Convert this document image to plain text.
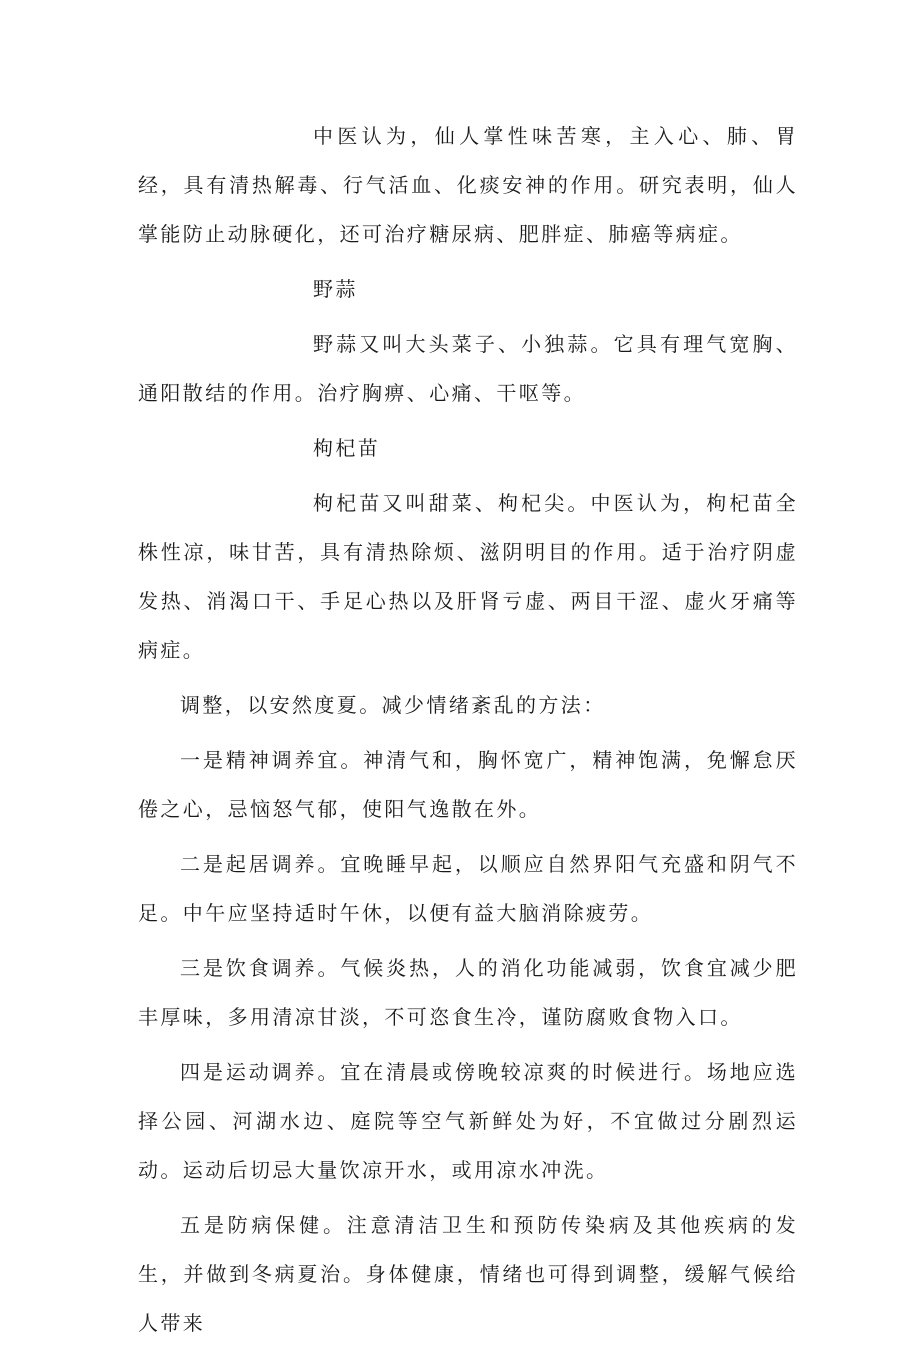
中医认为，仙人掌性味苦寒，主入心、肺、胃经，具有清热解毒、行气活血、化痰安神的作用。研究表明，仙人掌能防止动脉硬化，还可治疗糖尿病、肥胖症、肺癌等病症。

野蒜

野蒜又叫大头菜子、小独蒜。它具有理气宽胸、通阳散结的作用。治疗胸痹、心痛、干呕等。

枸杞苗

枸杞苗又叫甜菜、枸杞尖。中医认为，枸杞苗全株性凉，味甘苦，具有清热除烦、滋阴明目的作用。适于治疗阴虚发热、消渴口干、手足心热以及肝肾亏虚、两目干涩、虚火牙痛等病症。

调整，以安然度夏。减少情绪紊乱的方法：

一是精神调养宜。神清气和，胸怀宽广，精神饱满，免懈怠厌倦之心，忌恼怒气郁，使阳气逸散在外。

二是起居调养。宜晚睡早起，以顺应自然界阳气充盛和阴气不足。中午应坚持适时午休，以便有益大脑消除疲劳。

三是饮食调养。气候炎热，人的消化功能减弱，饮食宜减少肥丰厚味，多用清凉甘淡，不可恣食生冷，谨防腐败食物入口。

四是运动调养。宜在清晨或傍晚较凉爽的时候进行。场地应选择公园、河湖水边、庭院等空气新鲜处为好，不宜做过分剧烈运动。运动后切忌大量饮凉开水，或用凉水冲洗。

五是防病保健。注意清洁卫生和预防传染病及其他疾病的发生，并做到冬病夏治。身体健康，情绪也可得到调整，缓解气候给人带来
